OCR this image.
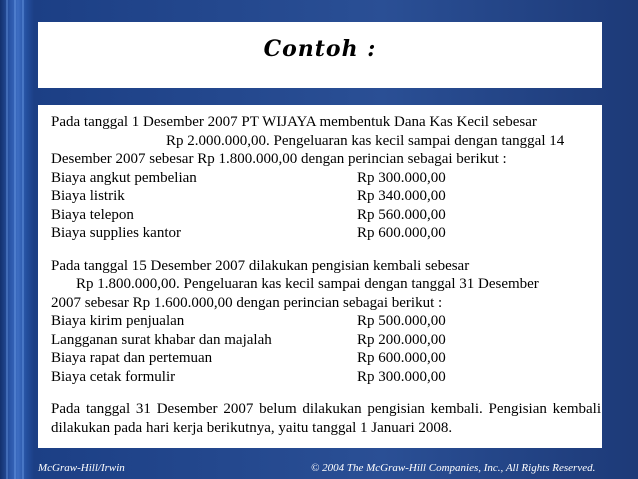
Contoh :
Pada tanggal 1 Desember 2007 PT WIJAYA membentuk Dana Kas Kecil sebesar
Rp 2.000.000,00. Pengeluaran kas kecil sampai dengan tanggal 14
Desember 2007 sebesar Rp 1.800.000,00 dengan perincian sebagai berikut :
Biaya angkut pembelian	Rp 300.000,00
Biaya listrik	Rp 340.000,00
Biaya telepon	Rp 560.000,00
Biaya supplies kantor	Rp 600.000,00
Pada tanggal 15 Desember 2007 dilakukan pengisian kembali sebesar
Rp 1.800.000,00. Pengeluaran kas kecil sampai dengan tanggal 31 Desember
2007 sebesar Rp 1.600.000,00 dengan perincian sebagai berikut :
Biaya kirim penjualan	Rp 500.000,00
Langganan surat khabar dan majalah	Rp 200.000,00
Biaya rapat dan pertemuan	Rp 600.000,00
Biaya cetak formulir	Rp 300.000,00
Pada tanggal 31 Desember 2007 belum dilakukan pengisian kembali. Pengisian kembali dilakukan pada hari kerja berikutnya, yaitu tanggal 1 Januari 2008.
McGraw-Hill/Irwin	© 2004 The McGraw-Hill Companies, Inc., All Rights Reserved.
